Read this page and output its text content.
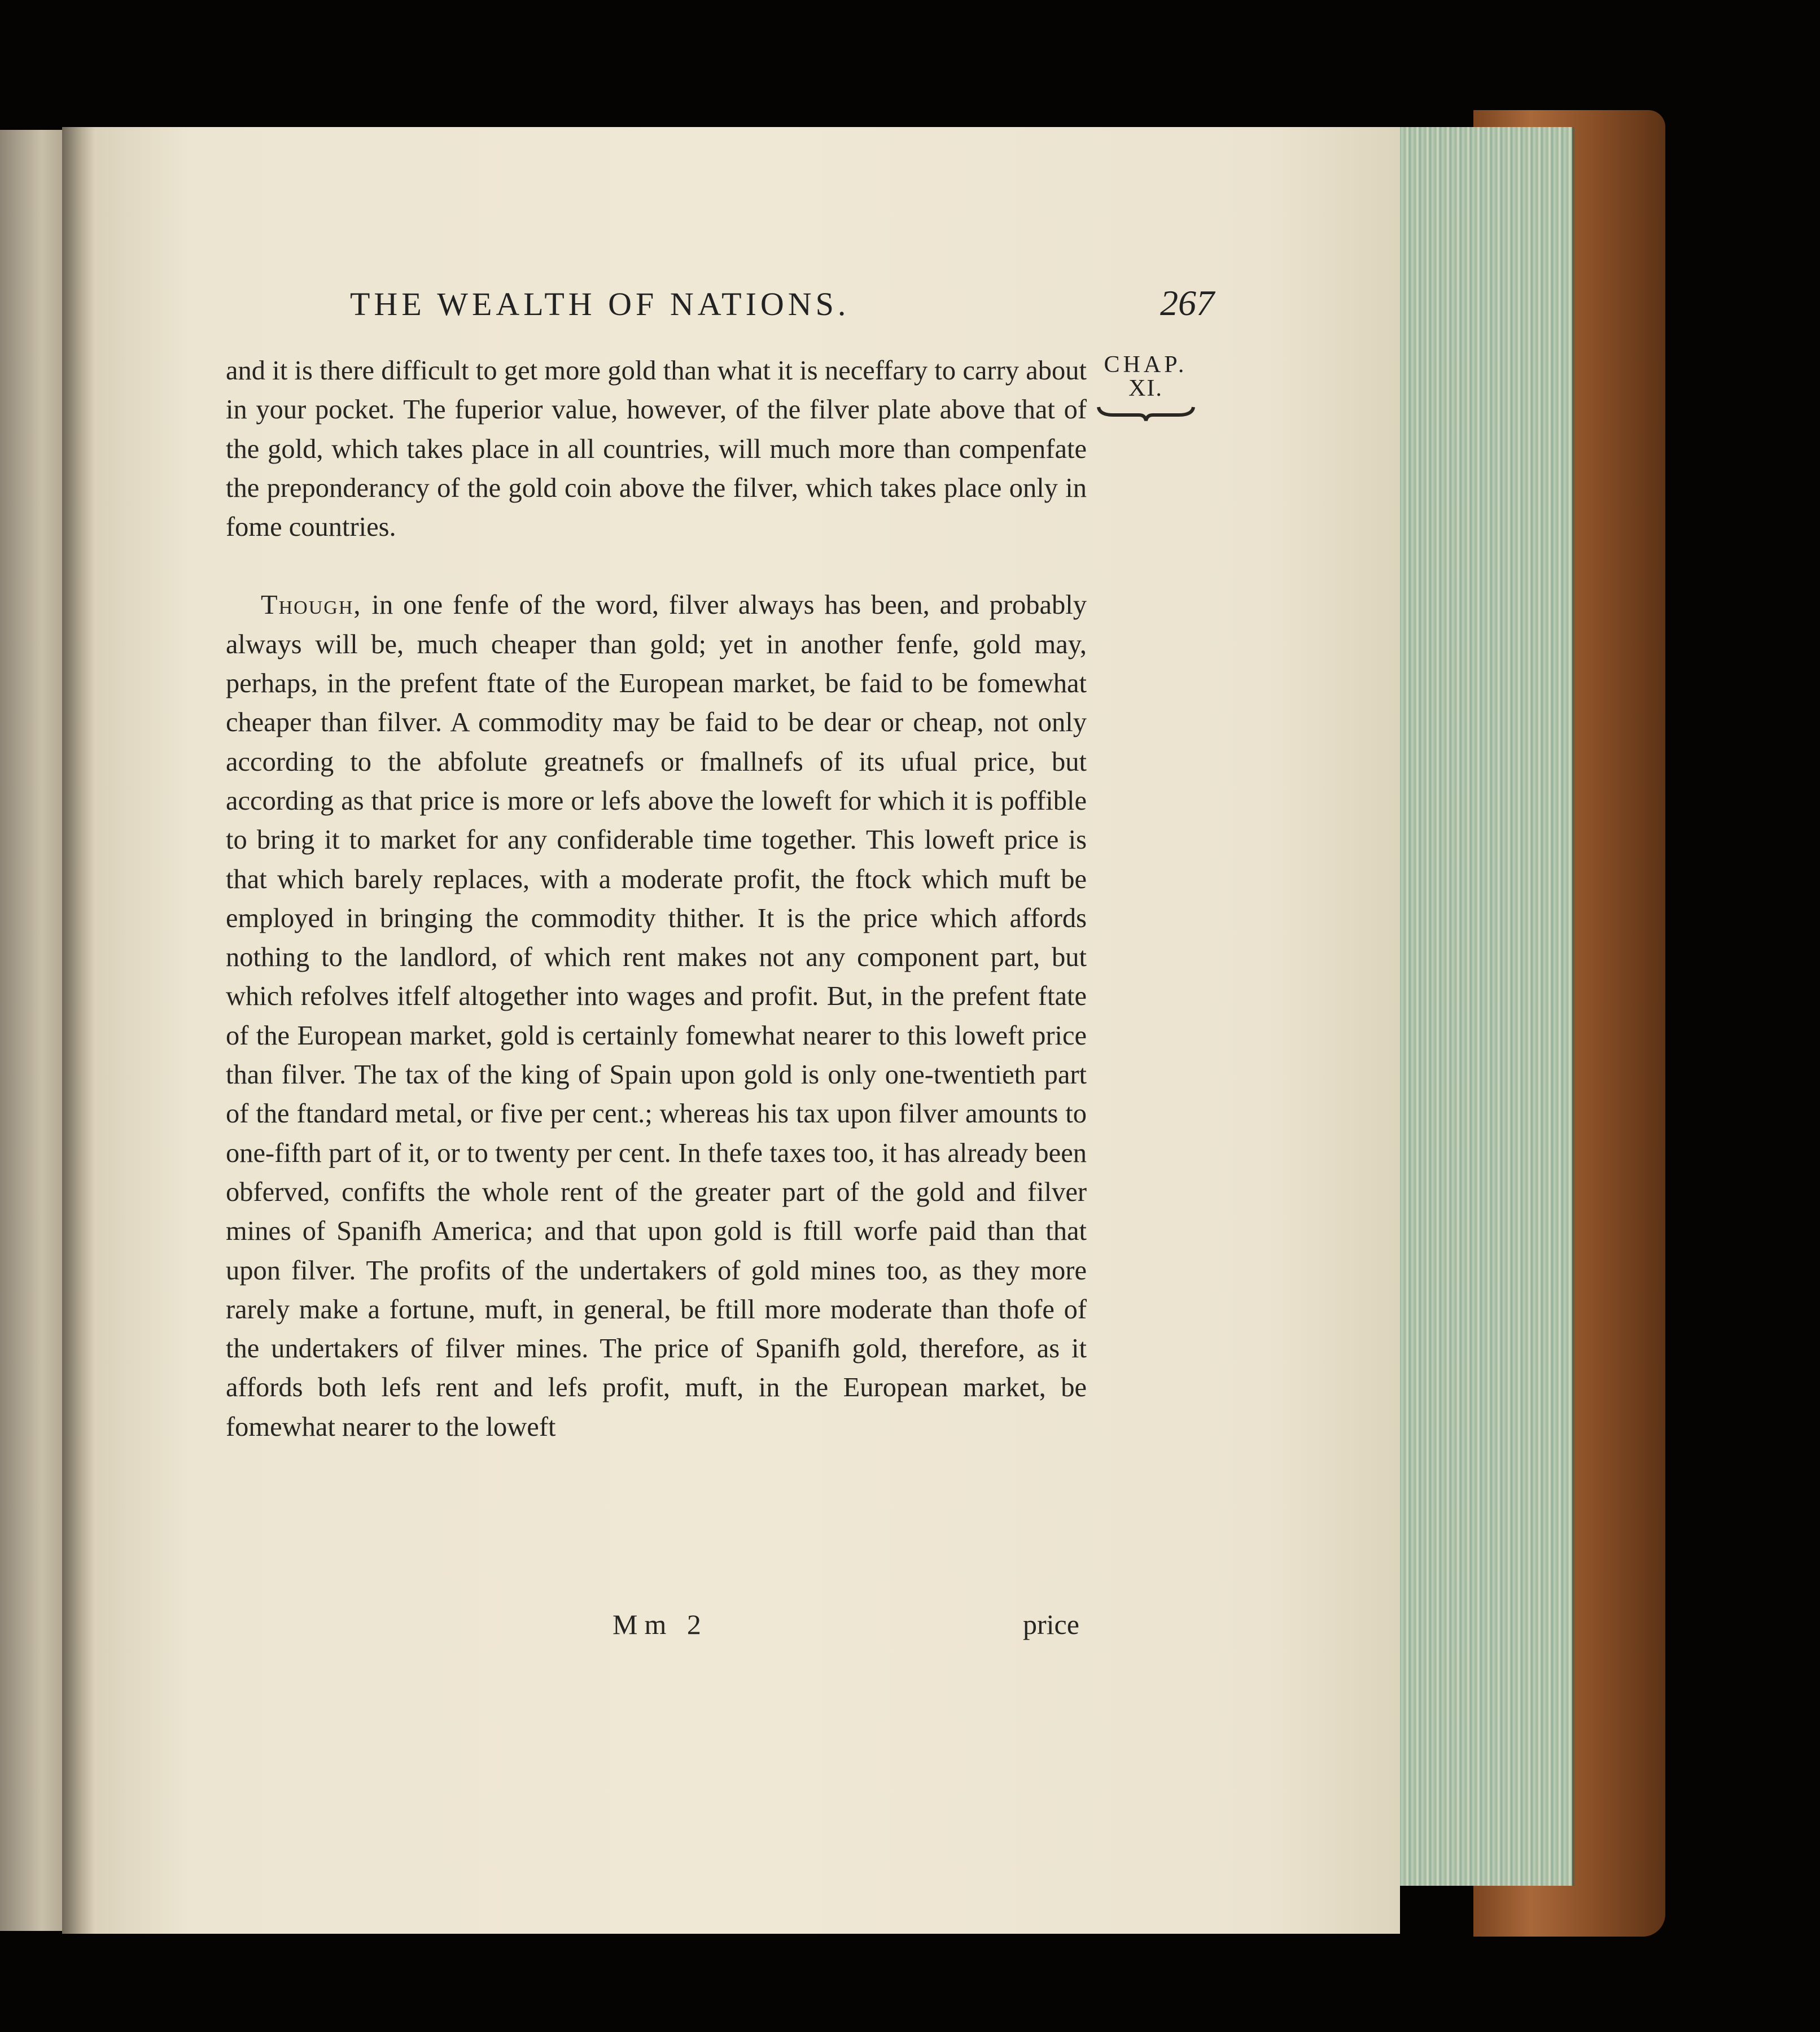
THE WEALTH OF NATIONS.	267
CHAP.
XI.

and it is there difficult to get more gold than what it is neceffary to carry about in your pocket. The fuperior value, however, of the filver plate above that of the gold, which takes place in all countries, will much more than compenfate the preponderancy of the gold coin above the filver, which takes place only in fome countries.

Though, in one fenfe of the word, filver always has been, and probably always will be, much cheaper than gold; yet in another fenfe, gold may, perhaps, in the prefent ftate of the European market, be faid to be fomewhat cheaper than filver. A commodity may be faid to be dear or cheap, not only according to the abfolute greatnefs or fmallnefs of its ufual price, but according as that price is more or lefs above the loweft for which it is poffible to bring it to market for any confiderable time together. This loweft price is that which barely replaces, with a moderate profit, the ftock which muft be employed in bringing the commodity thither. It is the price which affords nothing to the landlord, of which rent makes not any component part, but which refolves itfelf altogether into wages and profit. But, in the prefent ftate of the European market, gold is certainly fomewhat nearer to this loweft price than filver. The tax of the king of Spain upon gold is only one-twentieth part of the ftandard metal, or five per cent.; whereas his tax upon filver amounts to one-fifth part of it, or to twenty per cent. In thefe taxes too, it has already been obferved, confifts the whole rent of the greater part of the gold and filver mines of Spanifh America; and that upon gold is ftill worfe paid than that upon filver. The profits of the undertakers of gold mines too, as they more rarely make a fortune, muft, in general, be ftill more moderate than thofe of the undertakers of filver mines. The price of Spanifh gold, therefore, as it affords both lefs rent and lefs profit, muft, in the European market, be fomewhat nearer to the loweft

Mm 2	price
